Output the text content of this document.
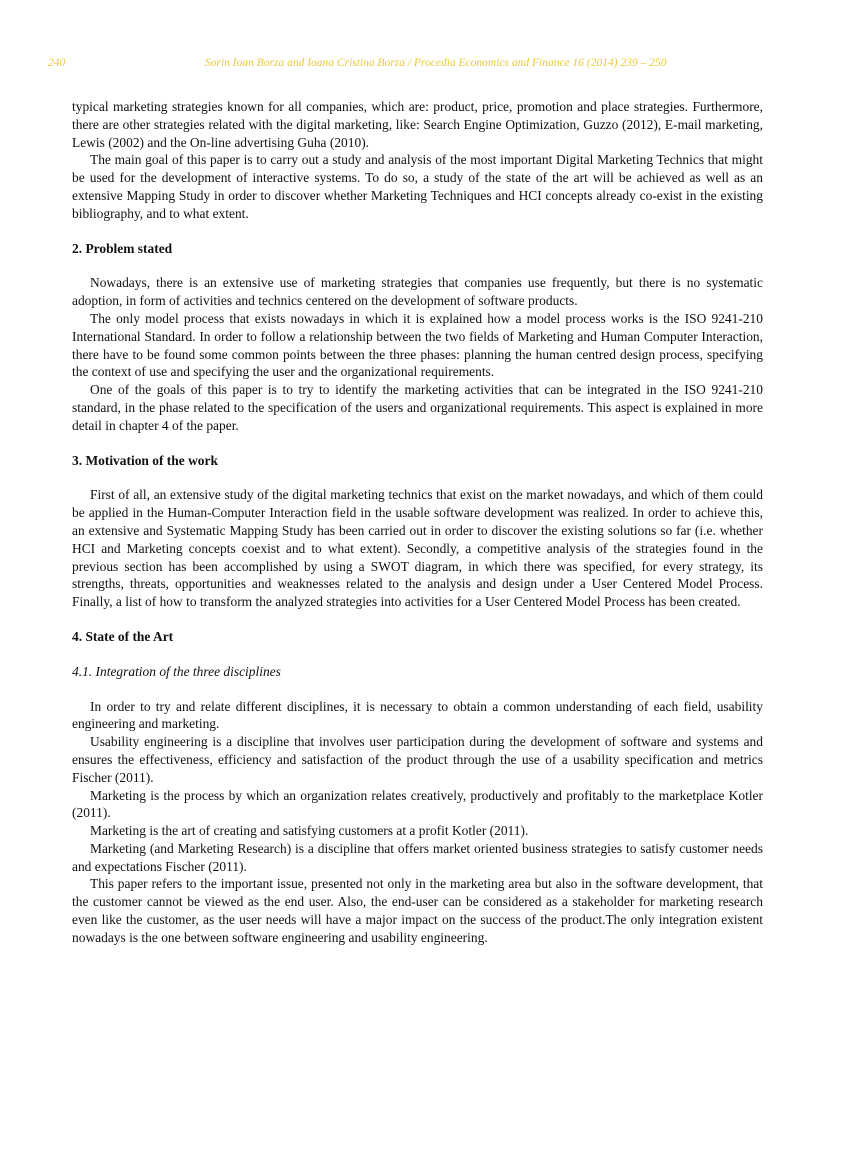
240	Sorin Ioan Borza and Ioana Cristina Borza / Procedia Economics and Finance 16 (2014) 239 – 250

typical marketing strategies known for all companies, which are: product, price, promotion and place strategies. Furthermore, there are other strategies related with the digital marketing, like: Search Engine Optimization, Guzzo (2012), E-mail marketing, Lewis (2002) and the On-line advertising Guha (2010).

The main goal of this paper is to carry out a study and analysis of the most important Digital Marketing Technics that might be used for the development of interactive systems. To do so, a study of the state of the art will be achieved as well as an extensive Mapping Study in order to discover whether Marketing Techniques and HCI concepts already co-exist in the existing bibliography, and to what extent.

2. Problem stated

Nowadays, there is an extensive use of marketing strategies that companies use frequently, but there is no systematic adoption, in form of activities and technics centered on the development of software products.

The only model process that exists nowadays in which it is explained how a model process works is the ISO 9241-210 International Standard. In order to follow a relationship between the two fields of Marketing and Human Computer Interaction, there have to be found some common points between the three phases: planning the human centred design process, specifying the context of use and specifying the user and the organizational requirements.

One of the goals of this paper is to try to identify the marketing activities that can be integrated in the ISO 9241-210 standard, in the phase related to the specification of the users and organizational requirements. This aspect is explained in more detail in chapter 4 of the paper.

3. Motivation of the work

First of all, an extensive study of the digital marketing technics that exist on the market nowadays, and which of them could be applied in the Human-Computer Interaction field in the usable software development was realized. In order to achieve this, an extensive and Systematic Mapping Study has been carried out in order to discover the existing solutions so far (i.e. whether HCI and Marketing concepts coexist and to what extent). Secondly, a competitive analysis of the strategies found in the previous section has been accomplished by using a SWOT diagram, in which there was specified, for every strategy, its strengths, threats, opportunities and weaknesses related to the analysis and design under a User Centered Model Process. Finally, a list of how to transform the analyzed strategies into activities for a User Centered Model Process has been created.

4. State of the Art
4.1. Integration of the three disciplines

In order to try and relate different disciplines, it is necessary to obtain a common understanding of each field, usability engineering and marketing.

Usability engineering is a discipline that involves user participation during the development of software and systems and ensures the effectiveness, efficiency and satisfaction of the product through the use of a usability specification and metrics Fischer (2011).

Marketing is the process by which an organization relates creatively, productively and profitably to the marketplace Kotler (2011).

Marketing is the art of creating and satisfying customers at a profit Kotler (2011).

Marketing (and Marketing Research) is a discipline that offers market oriented business strategies to satisfy customer needs and expectations Fischer (2011).

This paper refers to the important issue, presented not only in the marketing area but also in the software development, that the customer cannot be viewed as the end user. Also, the end-user can be considered as a stakeholder for marketing research even like the customer, as the user needs will have a major impact on the success of the product.The only integration existent nowadays is the one between software engineering and usability engineering.
